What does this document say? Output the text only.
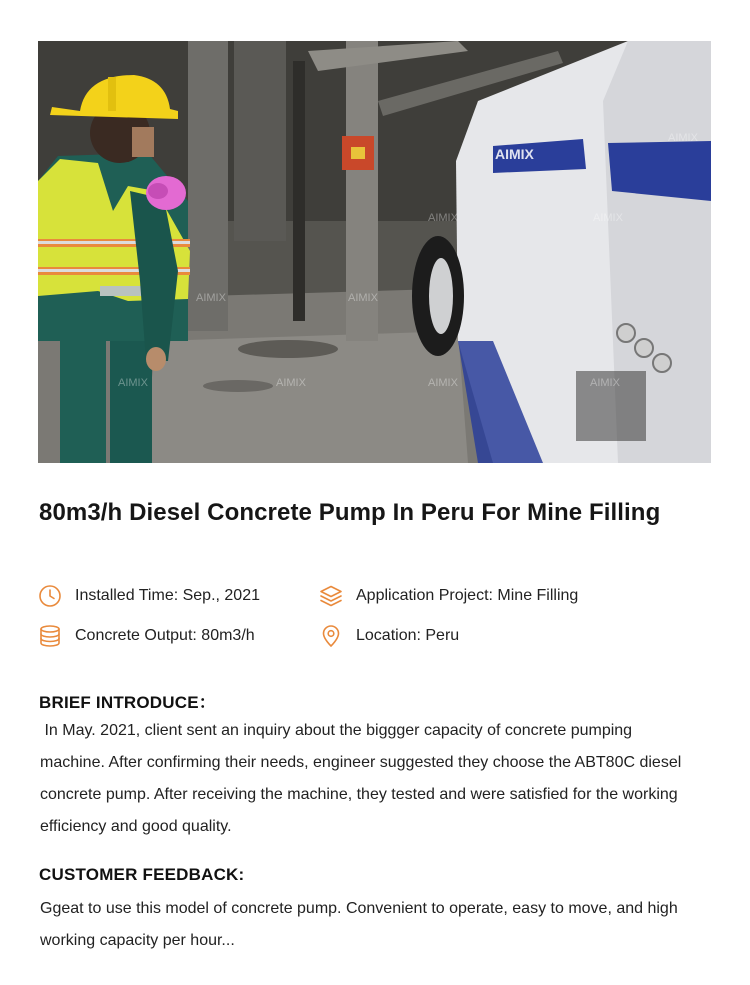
AIMIX
AIMIX	AIMIX
AIMIX	AIMIX
AIMIX	AIMIX	AIMIX	AIMIX
AIMIX
80m3/h Diesel Concrete Pump In Peru For Mine Filling
Installed Time: Sep., 2021	Application Project: Mine Filling
Concrete Output: 80m3/h	Location: Peru
BRIEF INTRODUCE：

In May. 2021, client sent an inquiry about the biggger capacity of concrete pumping machine. After confirming their needs, engineer suggested they choose the ABT80C diesel concrete pump. After receiving the machine, they tested and were satisfied for the working efficiency and good quality.

CUSTOMER FEEDBACK:

Ggeat to use this model of concrete pump. Convenient to operate, easy to move, and high working capacity per hour...
